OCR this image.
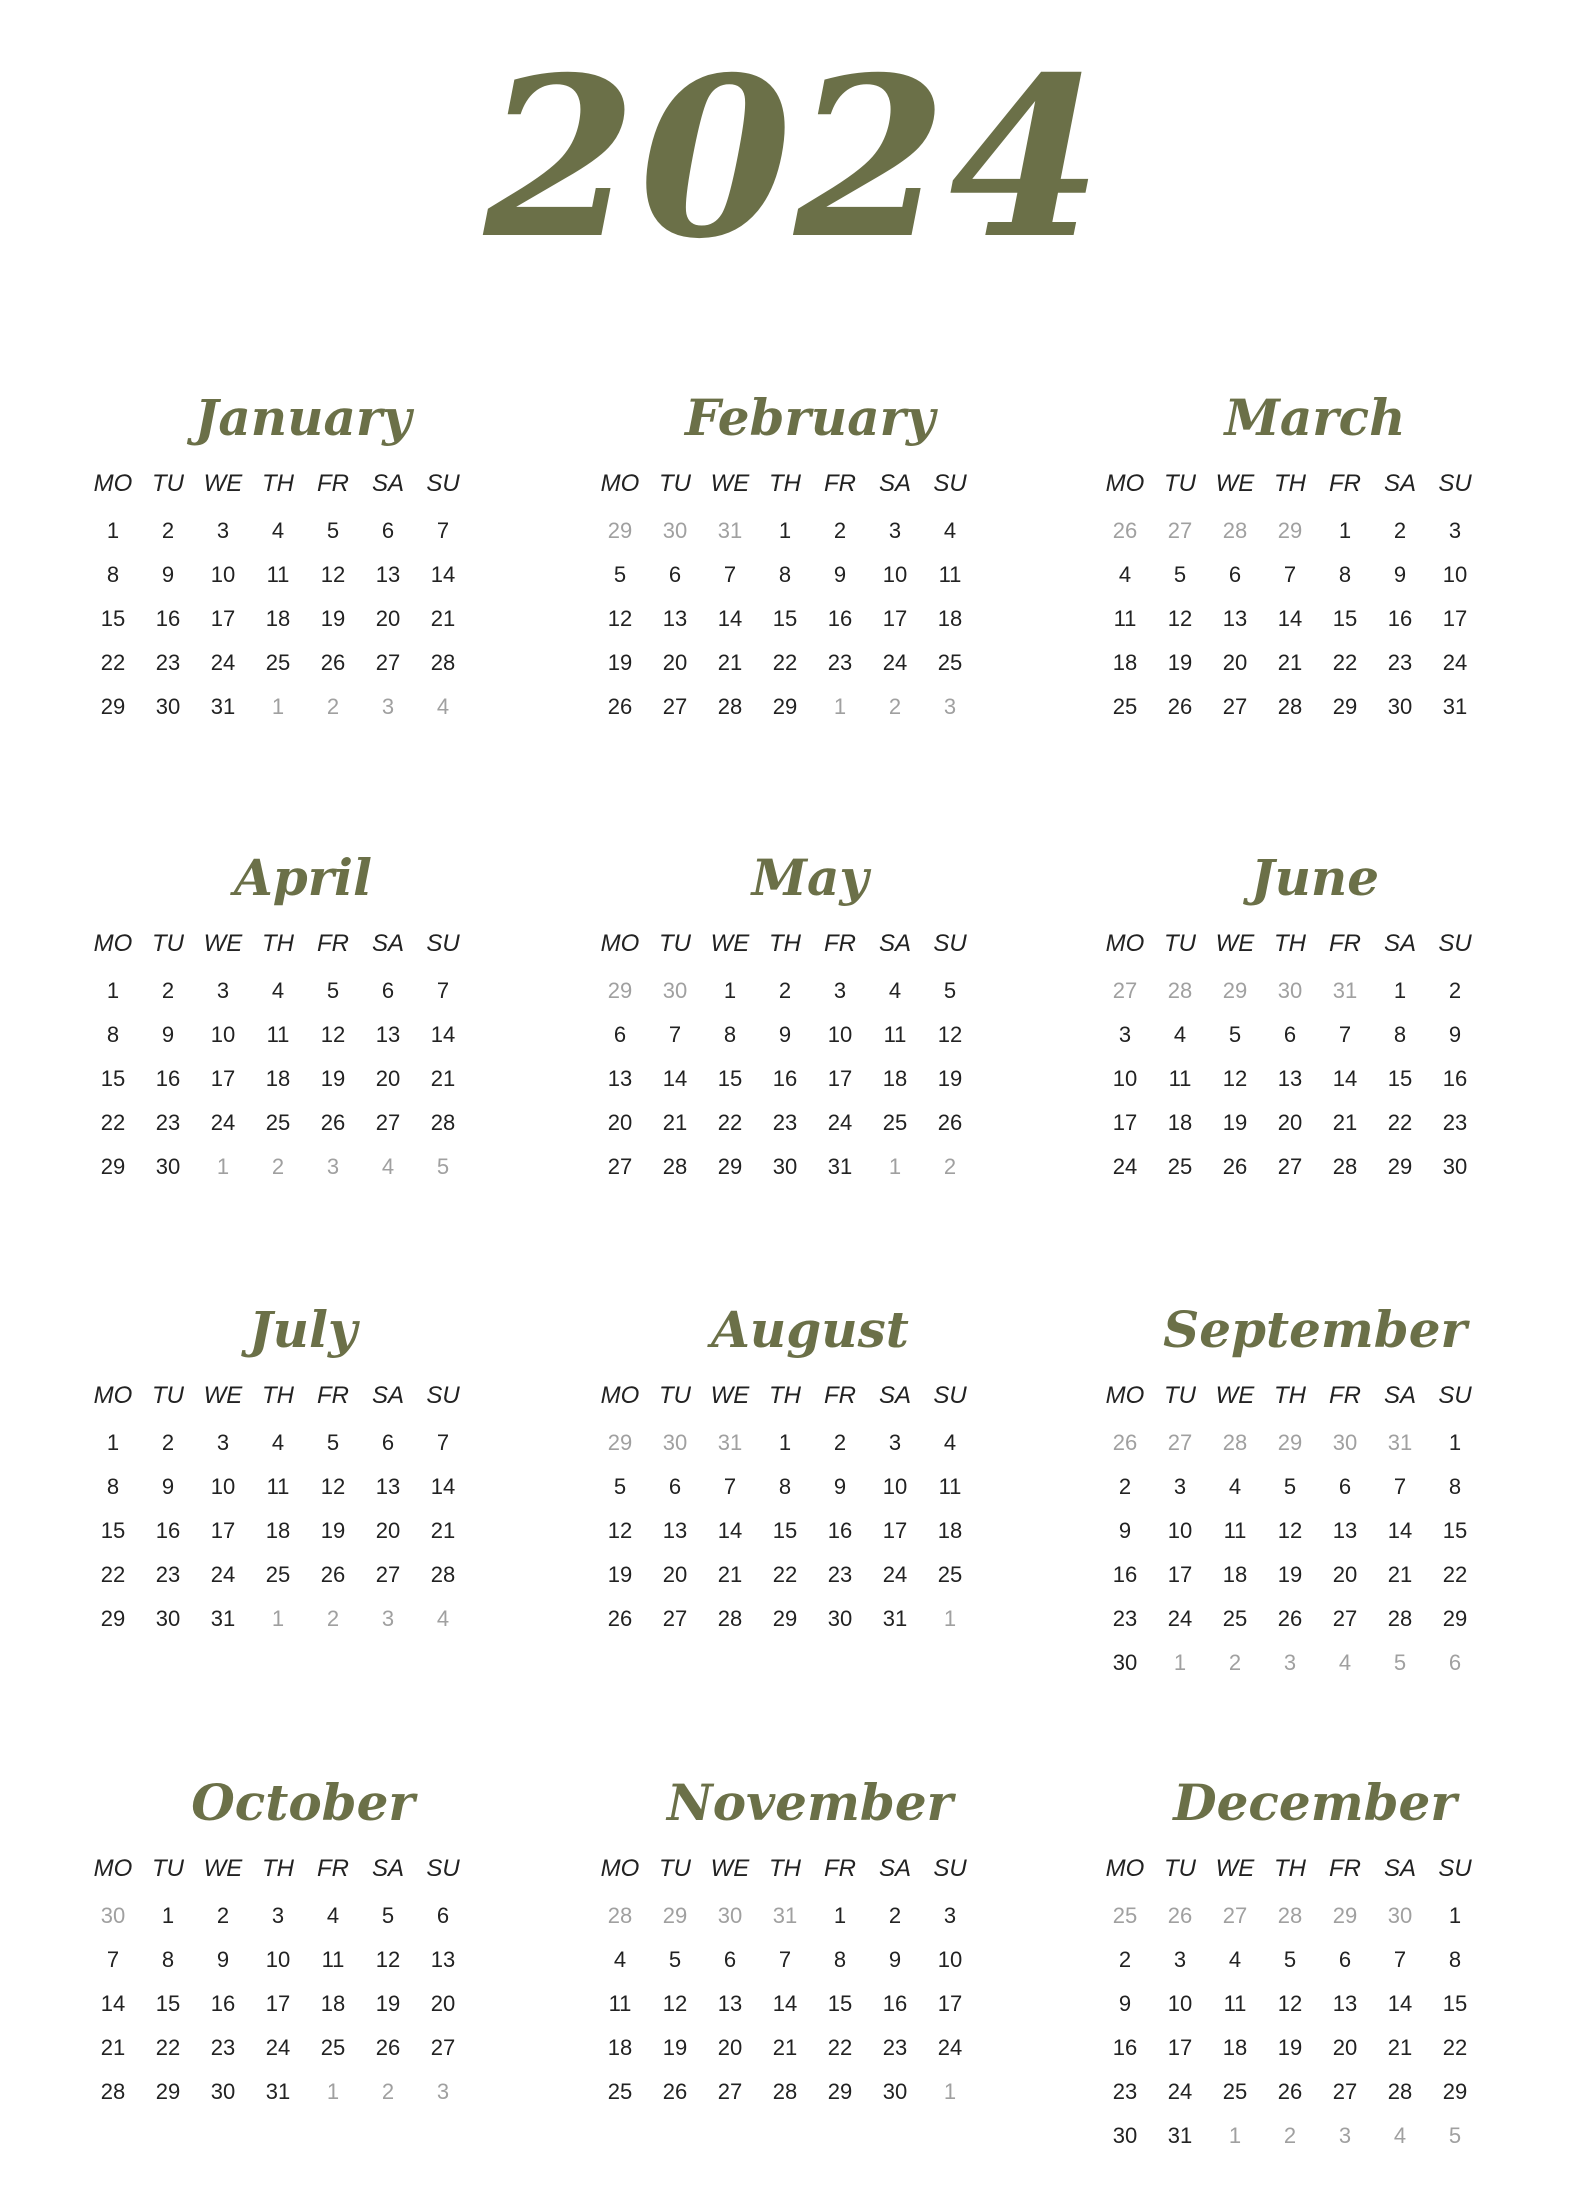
2024
January
MO TU WE TH FR SA SU
1	2	3	4	5	6	7
8	9	10	11	12	13	14
15	16	17	18	19	20	21
22	23	24	25	26	27	28
29	30	31	1	2	3	4
February
MO TU WE TH FR SA SU
29	30	31	1	2	3	4
5	6	7	8	9	10	11
12	13	14	15	16	17	18
19	20	21	22	23	24	25
26	27	28	29	1	2	3
March
MO TU WE TH FR SA SU
26	27	28	29	1	2	3
4	5	6	7	8	9	10
11	12	13	14	15	16	17
18	19	20	21	22	23	24
25	26	27	28	29	30	31
April
MO TU WE TH FR SA SU
1	2	3	4	5	6	7
8	9	10	11	12	13	14
15	16	17	18	19	20	21
22	23	24	25	26	27	28
29	30	1	2	3	4	5
May
MO TU WE TH FR SA SU
29	30	1	2	3	4	5
6	7	8	9	10	11	12
13	14	15	16	17	18	19
20	21	22	23	24	25	26
27	28	29	30	31	1	2
June
MO TU WE TH FR SA SU
27	28	29	30	31	1	2
3	4	5	6	7	8	9
10	11	12	13	14	15	16
17	18	19	20	21	22	23
24	25	26	27	28	29	30
July
MO TU WE TH FR SA SU
1	2	3	4	5	6	7
8	9	10	11	12	13	14
15	16	17	18	19	20	21
22	23	24	25	26	27	28
29	30	31	1	2	3	4
August
MO TU WE TH FR SA SU
29	30	31	1	2	3	4
5	6	7	8	9	10	11
12	13	14	15	16	17	18
19	20	21	22	23	24	25
26	27	28	29	30	31	1
September
MO TU WE TH FR SA SU
26	27	28	29	30	31	1
2	3	4	5	6	7	8
9	10	11	12	13	14	15
16	17	18	19	20	21	22
23	24	25	26	27	28	29
30	1	2	3	4	5	6
October
MO TU WE TH FR SA SU
30	1	2	3	4	5	6
7	8	9	10	11	12	13
14	15	16	17	18	19	20
21	22	23	24	25	26	27
28	29	30	31	1	2	3
November
MO TU WE TH FR SA SU
28	29	30	31	1	2	3
4	5	6	7	8	9	10
11	12	13	14	15	16	17
18	19	20	21	22	23	24
25	26	27	28	29	30	1
December
MO TU WE TH FR SA SU
25	26	27	28	29	30	1
2	3	4	5	6	7	8
9	10	11	12	13	14	15
16	17	18	19	20	21	22
23	24	25	26	27	28	29
30	31	1	2	3	4	5
